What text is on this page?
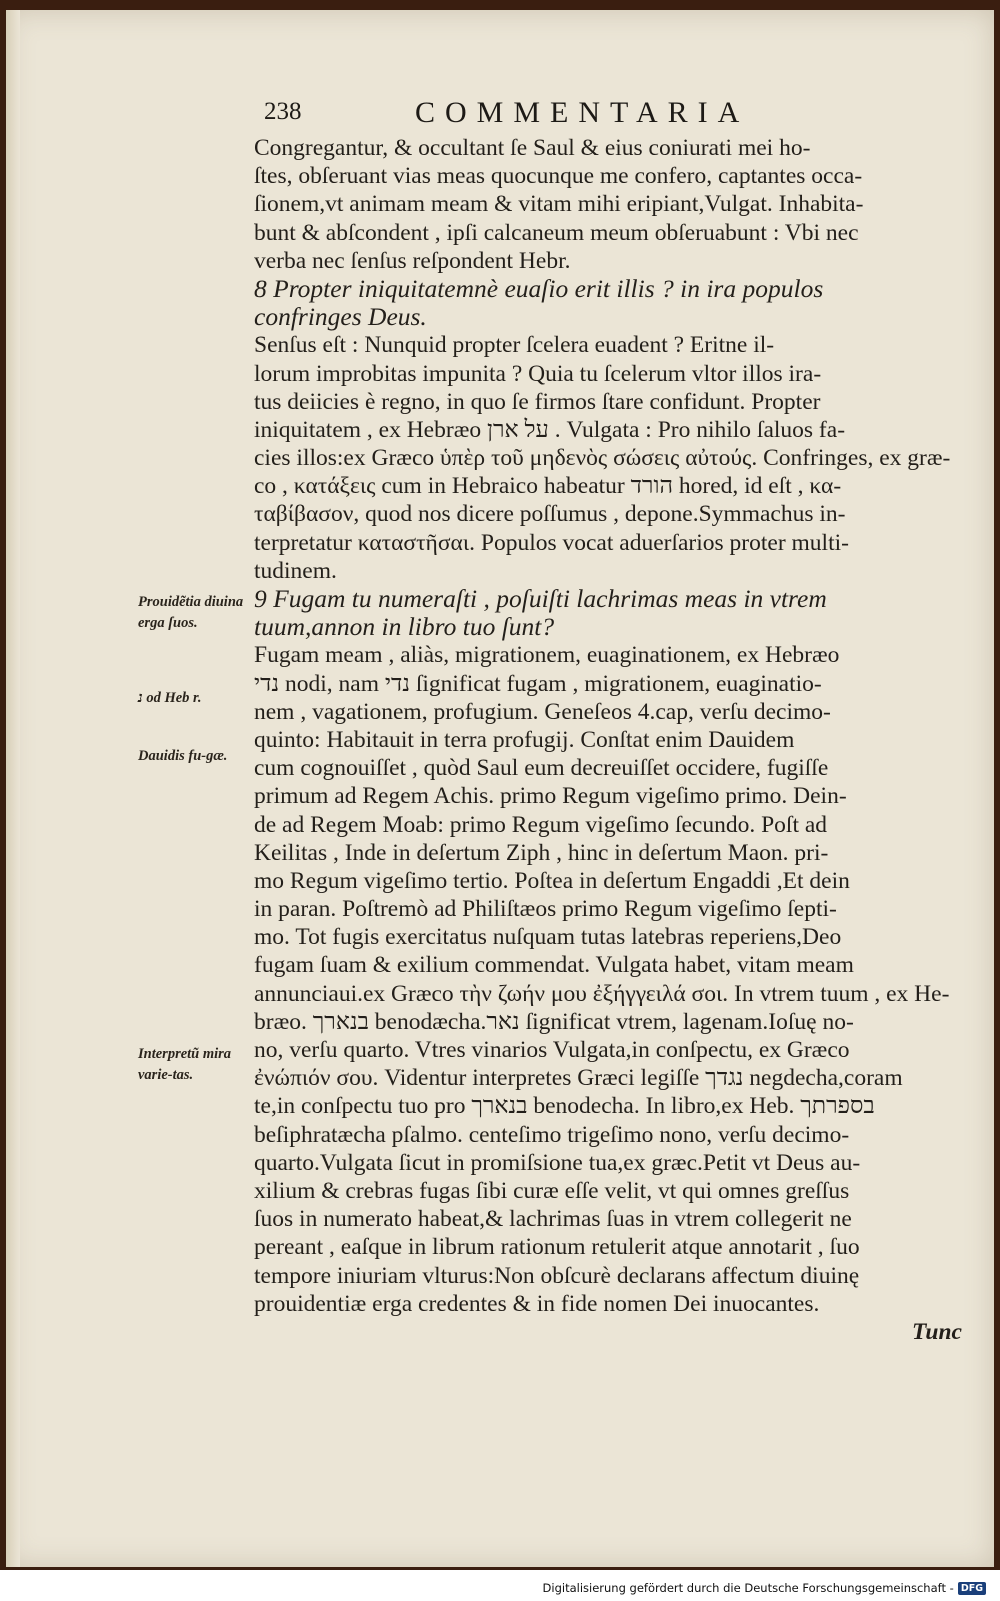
238	COMMENTARIA
Congregantur, & occultant ſe Saul & eius coniurati mei ho-
ſtes, obſeruant vias meas quocunque me confero, captantes occa-
ſionem,vt animam meam & vitam mihi eripiant,Vulgat. Inhabita-
bunt & abſcondent , ipſi calcaneum meum obſeruabunt : Vbi nec
verba nec ſenſus reſpondent Hebr.
8 Propter iniquitatemnè euaſio erit illis ? in ira populos
confringes Deus.
Senſus eſt : Nunquid propter ſcelera euadent ? Eritne il-
lorum improbitas impunita ? Quia tu ſcelerum vltor illos ira-
tus deiicies è regno, in quo ſe firmos ſtare confidunt. Propter
iniquitatem , ex Hebræo על ארן . Vulgata : Pro nihilo ſaluos fa-
cies illos:ex Græco ὑπὲρ τοῦ μηδενὸς σώσεις αὐτούς. Confringes, ex græ-
co , κατάξεις cum in Hebraico habeatur הורד hored, id eſt , κα-
ταβίβασον, quod nos dicere poſſumus , depone.Symmachus in-
terpretatur καταστῆσαι. Populos vocat aduerſarios proter multi-
tudinem.
9 Fugam tu numeraſti , poſuiſti lachrimas meas in vtrem
tuum,annon in libro tuo ſunt?
Fugam meam , aliàs, migrationem, euaginationem, ex Hebræo
נדי nodi, nam נדי ſignificat fugam , migrationem, euaginatio-
nem , vagationem, profugium. Geneſeos 4.cap, verſu decimo-
quinto: Habitauit in terra profugij. Conſtat enim Dauidem
cum cognouiſſet , quòd Saul eum decreuiſſet occidere, fugiſſe
primum ad Regem Achis. primo Regum vigeſimo primo. Dein-
de ad Regem Moab: primo Regum vigeſimo ſecundo. Poſt ad
Keilitas , Inde in deſertum Ziph , hinc in deſertum Maon. pri-
mo Regum vigeſimo tertio. Poſtea in deſertum Engaddi ,Et dein
in paran. Poſtremò ad Philiſtæos primo Regum vigeſimo ſepti-
mo. Tot fugis exercitatus nuſquam tutas latebras reperiens,Deo
fugam ſuam & exilium commendat. Vulgata habet, vitam meam
annunciaui.ex Græco τὴν ζωήν μου ἐξήγγειλά σοι. In vtrem tuum , ex He-
bræo. בנארך benodæcha.נאר ſignificat vtrem, lagenam.Ioſuę no-
no, verſu quarto. Vtres vinarios Vulgata,in conſpectu, ex Græco
ἐνώπιόν σου. Videntur interpretes Græci legiſſe נגדך negdecha,coram
te,in conſpectu tuo pro בנארך benodecha. In libro,ex Heb. בספרתך
beſiphratæcha pſalmo. centeſimo trigeſimo nono, verſu decimo-
quarto.Vulgata ſicut in promiſsione tua,ex græc.Petit vt Deus au-
xilium & crebras fugas ſibi curæ eſſe velit, vt qui omnes greſſus
ſuos in numerato habeat,& lachrimas ſuas in vtrem collegerit ne
pereant , eaſque in librum rationum retulerit atque annotarit , ſuo
tempore iniuriam vlturus:Non obſcurè declarans affectum diuinę
prouidentiæ erga credentes & in fide nomen Dei inuocantes.
Tunc
Prouidẽtia diuina erga ſuos.
נ od Heb r.
Dauidis fu-gæ.
Interpretũ mira varie-tas.
Digitalisierung gefördert durch die Deutsche Forschungsgemeinschaft - DFG
